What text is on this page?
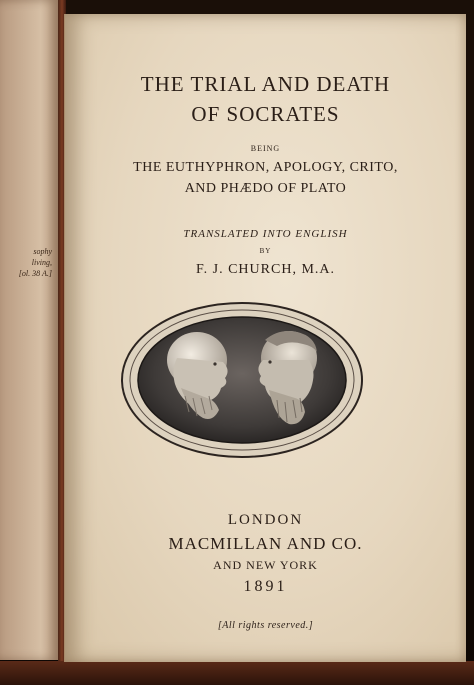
sophy
living,
[ol. 38 A.]
THE TRIAL AND DEATH
OF SOCRATES
BEING
THE EUTHYPHRON, APOLOGY, CRITO,
AND PHÆDO OF PLATO
TRANSLATED INTO ENGLISH
BY
F. J. CHURCH, M.A.
LONDON
MACMILLAN AND CO.
AND NEW YORK
1891
[All rights reserved.]
